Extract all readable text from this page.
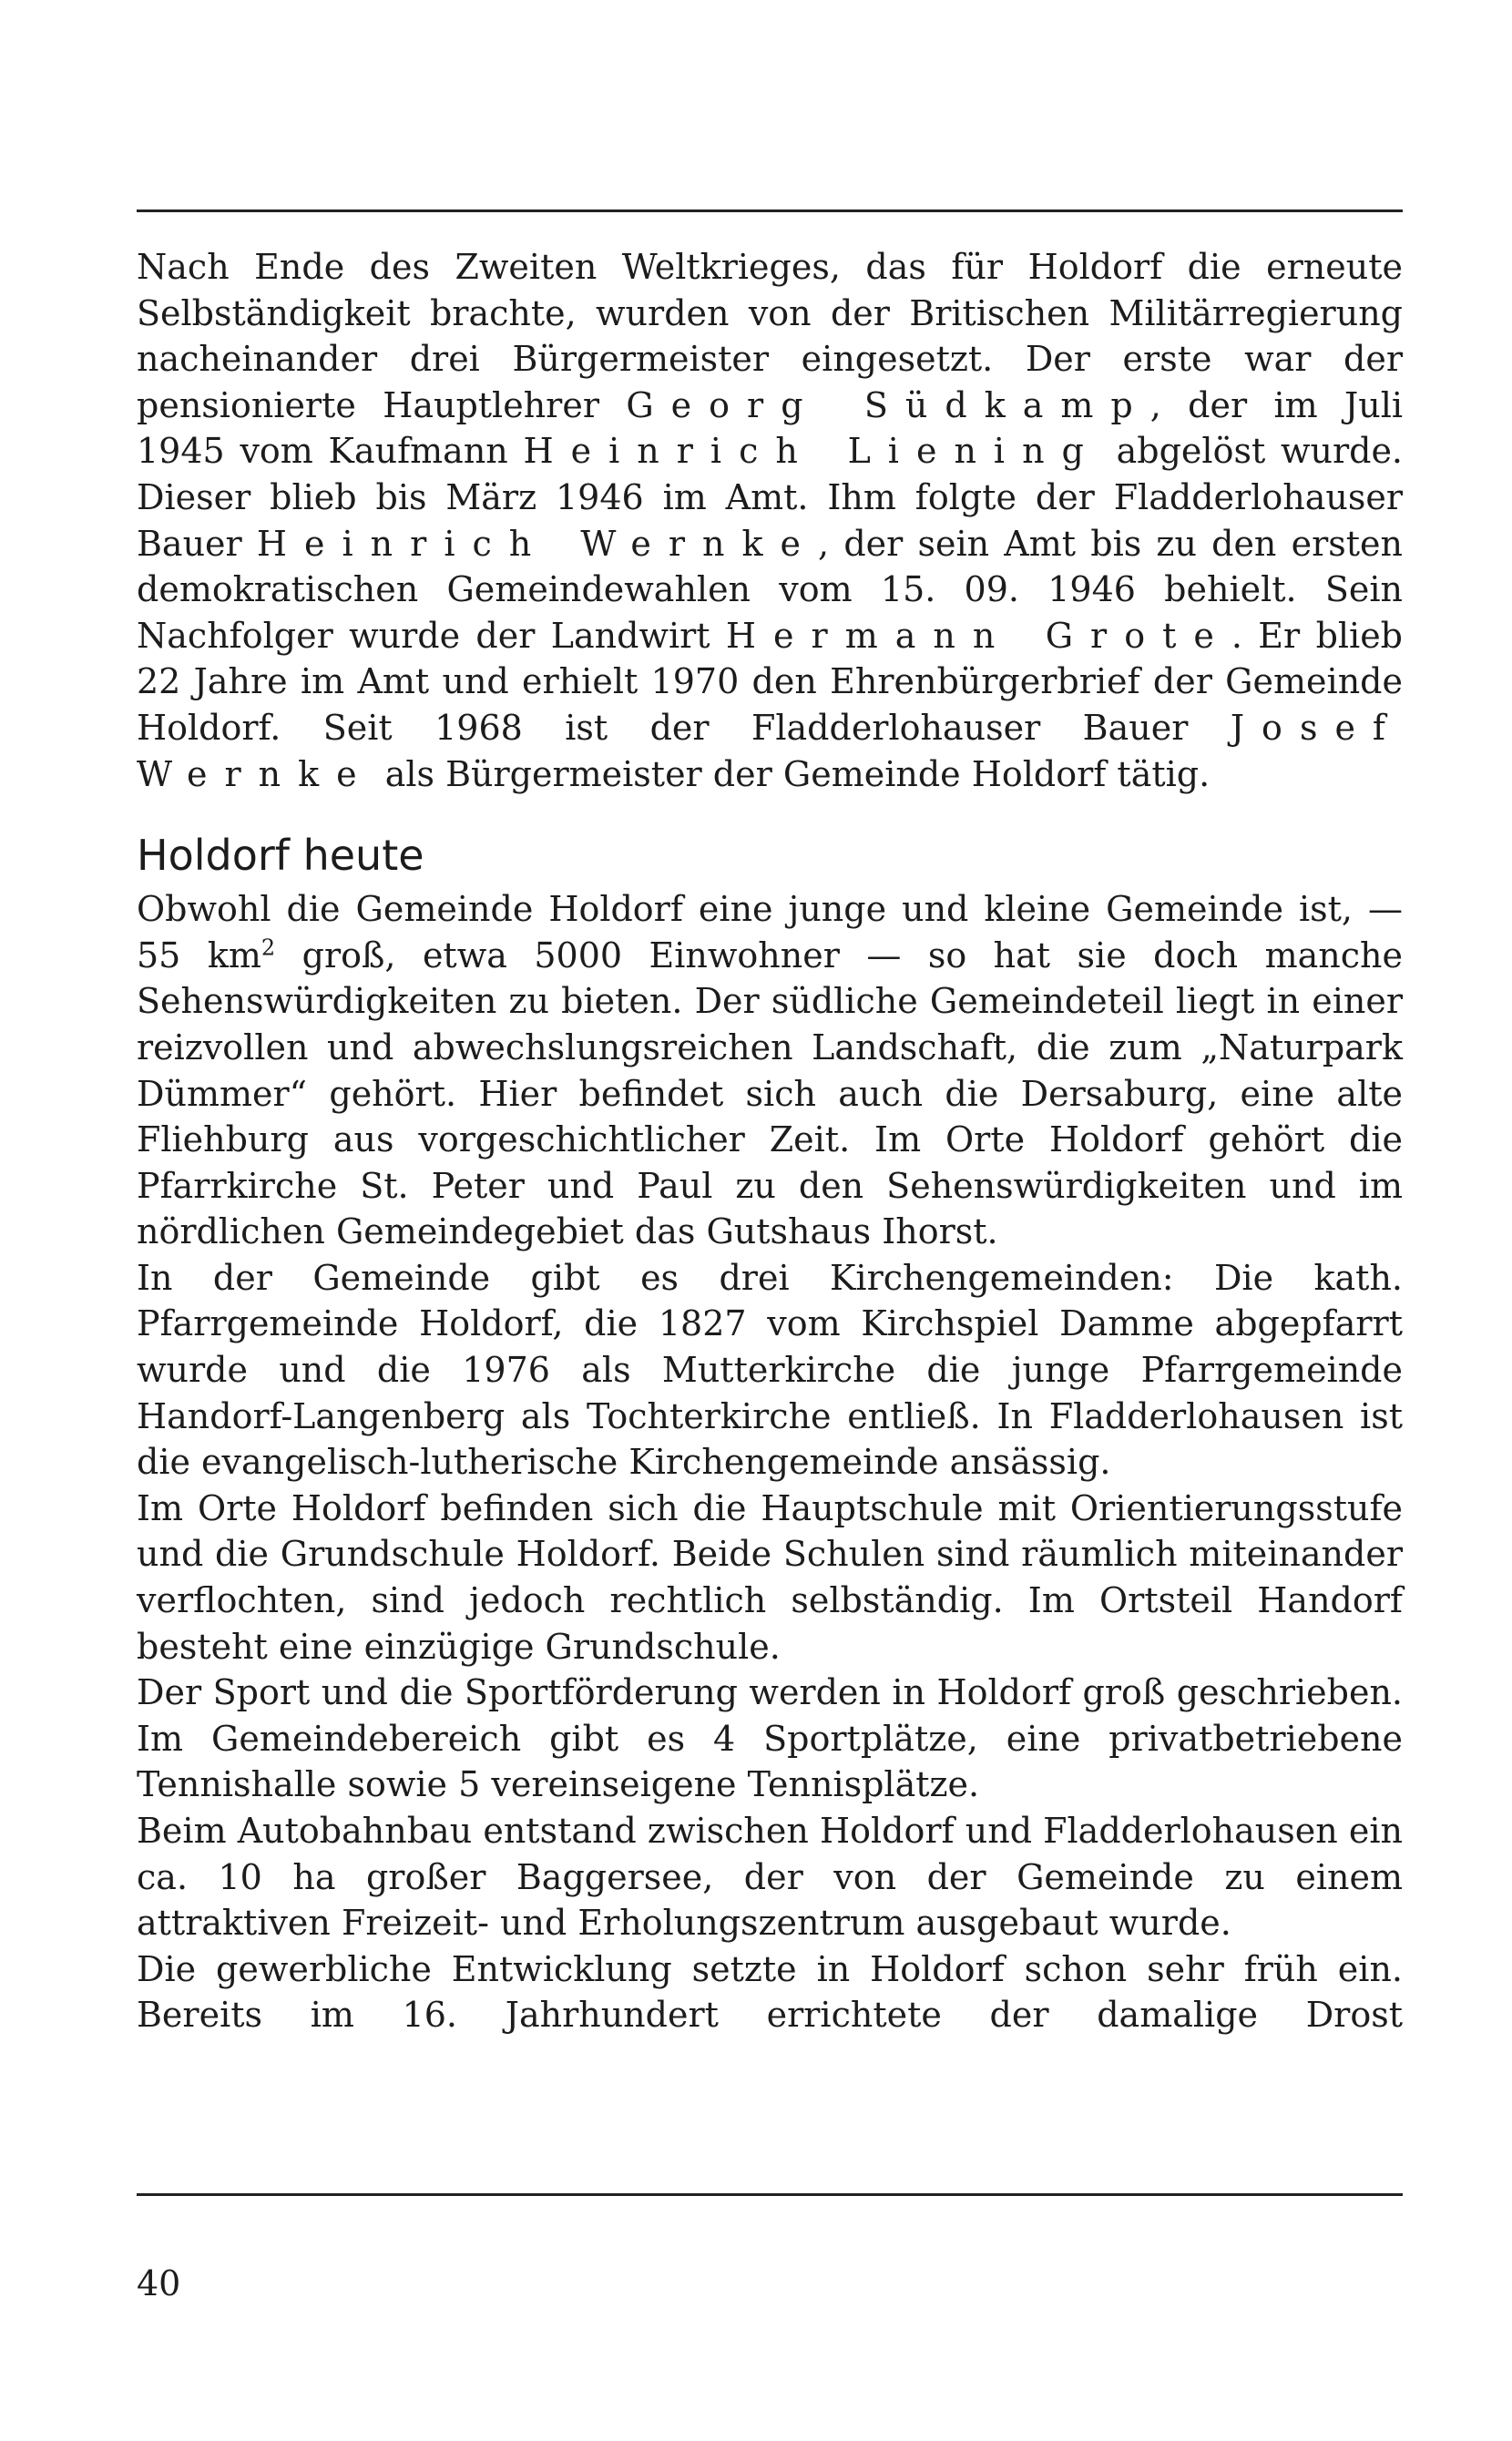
Nach Ende des Zweiten Weltkrieges, das für Holdorf die erneute Selbständigkeit brachte, wurden von der Britischen Militärregierung nacheinander drei Bürgermeister eingesetzt. Der erste war der pensionierte Hauptlehrer Georg Südkamp, der im Juli 1945 vom Kaufmann Heinrich Liening abgelöst wurde. Dieser blieb bis März 1946 im Amt. Ihm folgte der Fladderlohauser Bauer Heinrich Wernke, der sein Amt bis zu den ersten demokratischen Gemeindewahlen vom 15. 09. 1946 behielt. Sein Nachfolger wurde der Landwirt Hermann Grote. Er blieb 22 Jahre im Amt und erhielt 1970 den Ehrenbürgerbrief der Gemeinde Holdorf. Seit 1968 ist der Fladderlohauser Bauer Josef Wernke als Bürgermeister der Gemeinde Holdorf tätig.

Holdorf heute

Obwohl die Gemeinde Holdorf eine junge und kleine Gemeinde ist, — 55 $km^2$ groß, etwa 5000 Einwohner — so hat sie doch manche Sehenswürdigkeiten zu bieten. Der südliche Gemeindeteil liegt in einer reizvollen und abwechslungsreichen Landschaft, die zum „Naturpark Dümmer“ gehört. Hier befindet sich auch die Dersaburg, eine alte Fliehburg aus vorgeschichtlicher Zeit. Im Orte Holdorf gehört die Pfarrkirche St. Peter und Paul zu den Sehenswürdigkeiten und im nördlichen Gemeindegebiet das Gutshaus Ihorst.

In der Gemeinde gibt es drei Kirchengemeinden: Die kath. Pfarrgemeinde Holdorf, die 1827 vom Kirchspiel Damme abgepfarrt wurde und die 1976 als Mutterkirche die junge Pfarrgemeinde Handorf-Langenberg als Tochterkirche entließ. In Fladderlohausen ist die evangelisch-lutherische Kirchengemeinde ansässig.

Im Orte Holdorf befinden sich die Hauptschule mit Orientierungsstufe und die Grundschule Holdorf. Beide Schulen sind räumlich miteinander verflochten, sind jedoch rechtlich selbständig. Im Ortsteil Handorf besteht eine einzügige Grundschule.

Der Sport und die Sportförderung werden in Holdorf groß geschrieben. Im Gemeindebereich gibt es 4 Sportplätze, eine privatbetriebene Tennishalle sowie 5 vereinseigene Tennisplätze.

Beim Autobahnbau entstand zwischen Holdorf und Fladderlohausen ein ca. 10 ha großer Baggersee, der von der Gemeinde zu einem attraktiven Freizeit- und Erholungszentrum ausgebaut wurde.

Die gewerbliche Entwicklung setzte in Holdorf schon sehr früh ein. Bereits im 16. Jahrhundert errichtete der damalige Drost

40
